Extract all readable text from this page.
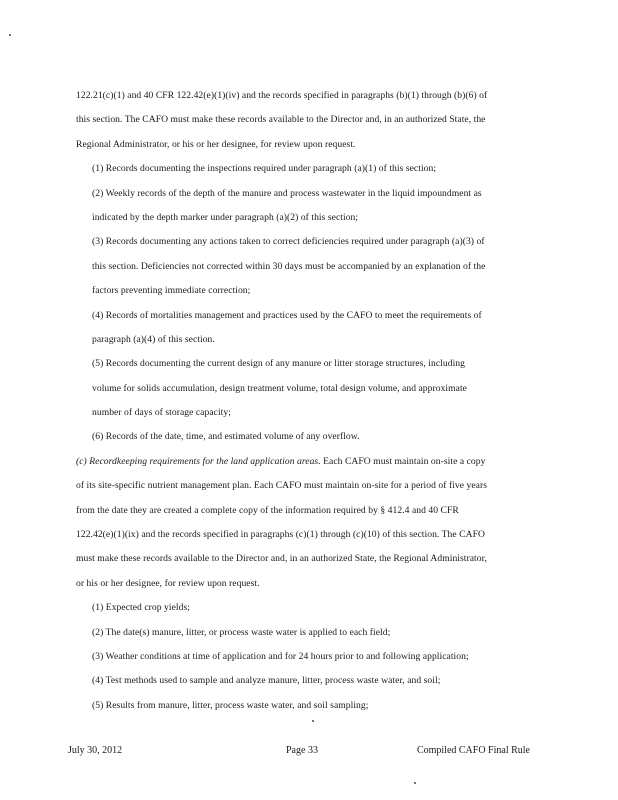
122.21(c)(1) and 40 CFR 122.42(e)(1)(iv) and the records specified in paragraphs (b)(1) through (b)(6) of
this section. The CAFO must make these records available to the Director and, in an authorized State, the
Regional Administrator, or his or her designee, for review upon request.
(1) Records documenting the inspections required under paragraph (a)(1) of this section;
(2) Weekly records of the depth of the manure and process wastewater in the liquid impoundment as
indicated by the depth marker under paragraph (a)(2) of this section;
(3) Records documenting any actions taken to correct deficiencies required under paragraph (a)(3) of
this section. Deficiencies not corrected within 30 days must be accompanied by an explanation of the
factors preventing immediate correction;
(4) Records of mortalities management and practices used by the CAFO to meet the requirements of
paragraph (a)(4) of this section.
(5) Records documenting the current design of any manure or litter storage structures, including
volume for solids accumulation, design treatment volume, total design volume, and approximate
number of days of storage capacity;
(6) Records of the date, time, and estimated volume of any overflow.
(c) Recordkeeping requirements for the land application areas. Each CAFO must maintain on-site a copy
of its site-specific nutrient management plan. Each CAFO must maintain on-site for a period of five years
from the date they are created a complete copy of the information required by § 412.4 and 40 CFR
122.42(e)(1)(ix) and the records specified in paragraphs (c)(1) through (c)(10) of this section. The CAFO
must make these records available to the Director and, in an authorized State, the Regional Administrator,
or his or her designee, for review upon request.
(1) Expected crop yields;
(2) The date(s) manure, litter, or process waste water is applied to each field;
(3) Weather conditions at time of application and for 24 hours prior to and following application;
(4) Test methods used to sample and analyze manure, litter, process waste water, and soil;
(5) Results from manure, litter, process waste water, and soil sampling;
July 30, 2012	Page 33	Compiled CAFO Final Rule
